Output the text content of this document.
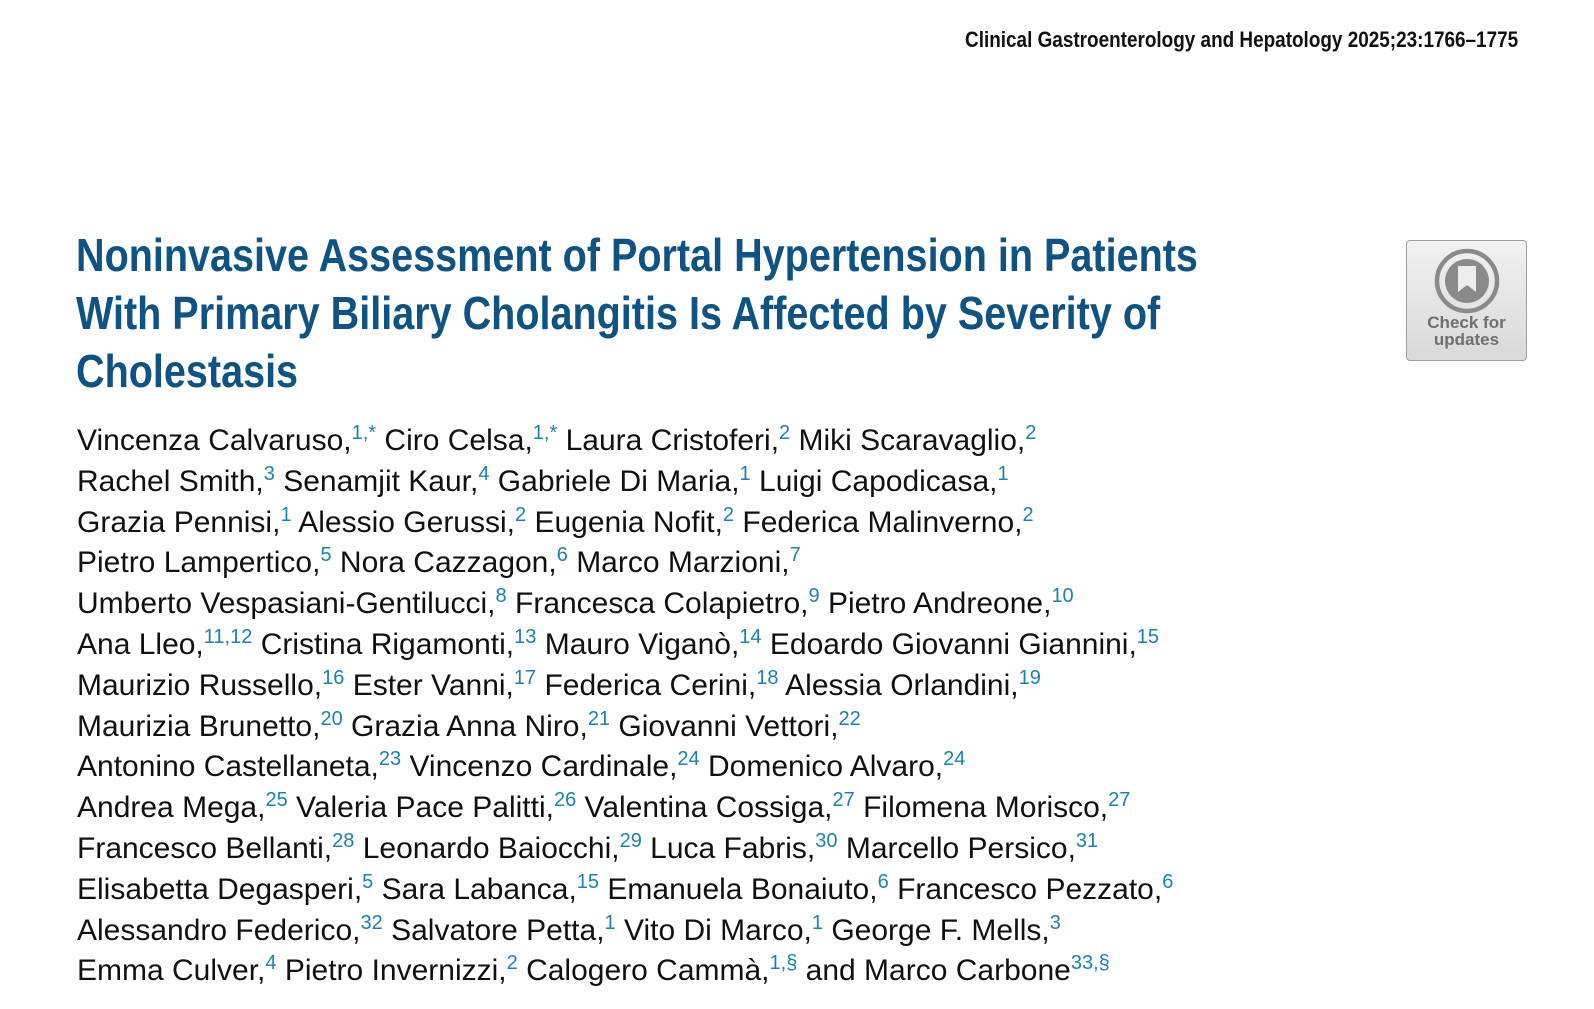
Clinical Gastroenterology and Hepatology 2025;23:1766–1775
Noninvasive Assessment of Portal Hypertension in Patients
With Primary Biliary Cholangitis Is Affected by Severity of
Cholestasis
Check for
updates
Vincenza Calvaruso,$^{1,*}$ Ciro Celsa,$^{1,*}$ Laura Cristoferi,$^2$ Miki Scaravaglio,$^2$
Rachel Smith,$^3$ Senamjit Kaur,$^4$ Gabriele Di Maria,$^1$ Luigi Capodicasa,$^1$
Grazia Pennisi,$^1$ Alessio Gerussi,$^2$ Eugenia Nofit,$^2$ Federica Malinverno,$^2$
Pietro Lampertico,$^5$ Nora Cazzagon,$^6$ Marco Marzioni,$^7$
Umberto Vespasiani-Gentilucci,$^8$ Francesca Colapietro,$^9$ Pietro Andreone,$^{10}$
Ana Lleo,$^{11,12}$ Cristina Rigamonti,$^{13}$ Mauro Viganò,$^{14}$ Edoardo Giovanni Giannini,$^{15}$
Maurizio Russello,$^{16}$ Ester Vanni,$^{17}$ Federica Cerini,$^{18}$ Alessia Orlandini,$^{19}$
Maurizia Brunetto,$^{20}$ Grazia Anna Niro,$^{21}$ Giovanni Vettori,$^{22}$
Antonino Castellaneta,$^{23}$ Vincenzo Cardinale,$^{24}$ Domenico Alvaro,$^{24}$
Andrea Mega,$^{25}$ Valeria Pace Palitti,$^{26}$ Valentina Cossiga,$^{27}$ Filomena Morisco,$^{27}$
Francesco Bellanti,$^{28}$ Leonardo Baiocchi,$^{29}$ Luca Fabris,$^{30}$ Marcello Persico,$^{31}$
Elisabetta Degasperi,$^5$ Sara Labanca,$^{15}$ Emanuela Bonaiuto,$^6$ Francesco Pezzato,$^6$
Alessandro Federico,$^{32}$ Salvatore Petta,$^1$ Vito Di Marco,$^1$ George F. Mells,$^3$
Emma Culver,$^4$ Pietro Invernizzi,$^2$ Calogero Cammà,$^{1,\S}$ and Marco Carbone$^{33,\S}$
